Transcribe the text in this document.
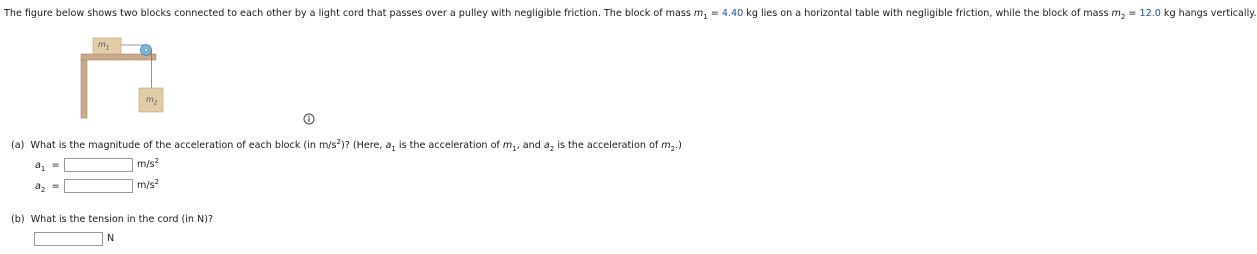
The figure below shows two blocks connected to each other by a light cord that passes over a pulley with negligible friction. The block of mass $m_1 = 4.40$ kg lies on a horizontal table with negligible friction, while the block of mass $m_2 = 12.0$ kg hangs vertically.
$m_1$
$m_2$
(a) What is the magnitude of the acceleration of each block (in $m/s^2$)? (Here, $a_1$ is the acceleration of $m_1$, and $a_2$ is the acceleration of $m_2$.)
$a_1$ =	$m/s^2$
$a_2$ =	$m/s^2$
(b) What is the tension in the cord (in N)?
N
